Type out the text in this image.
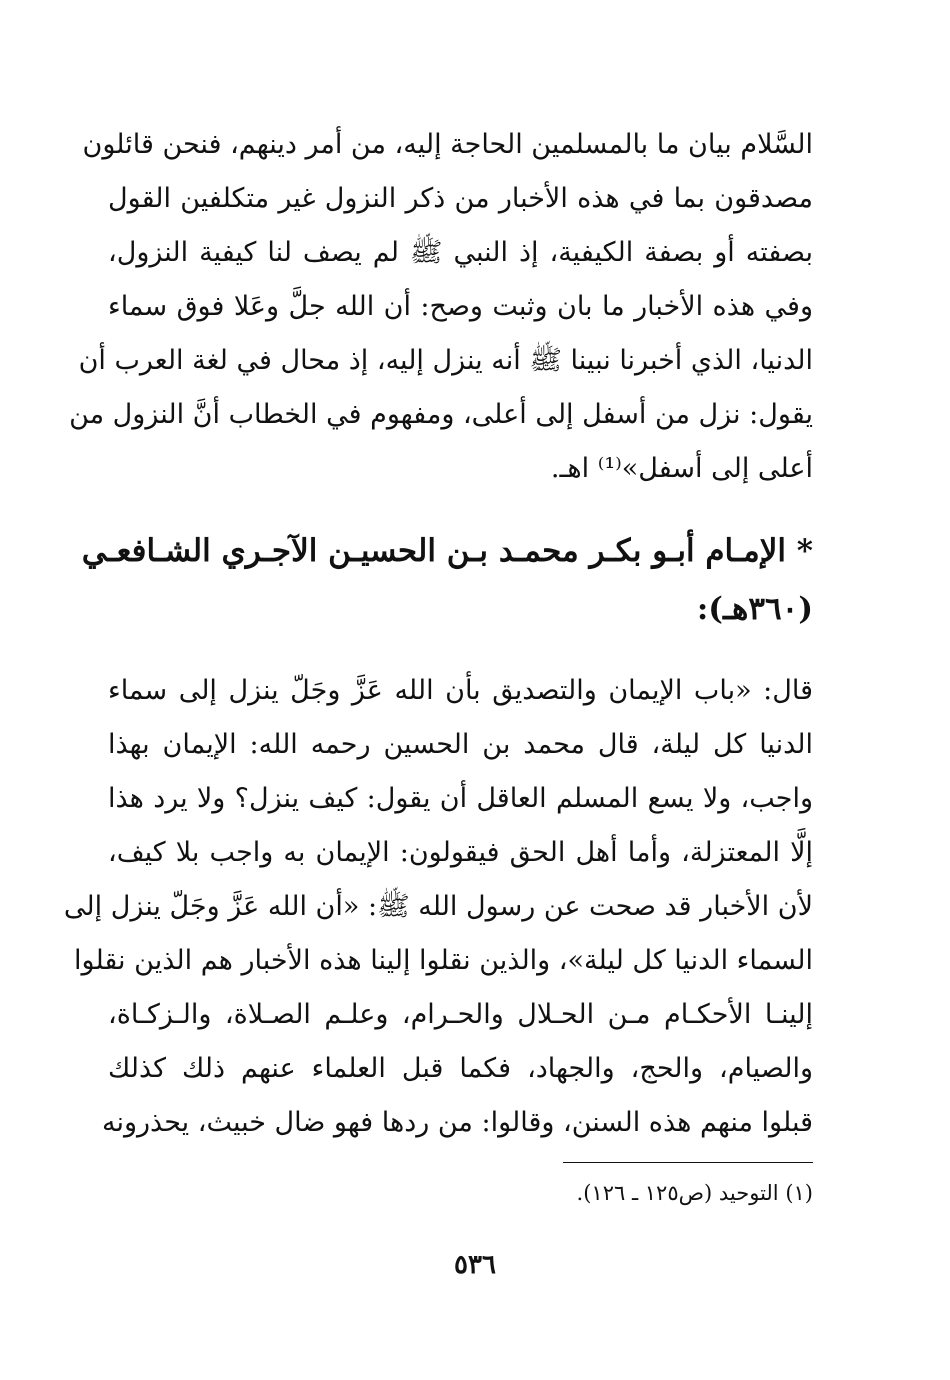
السَّلام بيان ما بالمسلمين الحاجة إليه، من أمر دينهم، فنحن قائلون
مصدقون بما في هذه الأخبار من ذكر النزول غير متكلفين القول
بصفته أو بصفة الكيفية، إذ النبي ﷺ لم يصف لنا كيفية النزول،
وفي هذه الأخبار ما بان وثبت وصح: أن الله جلَّ وعَلا فوق سماء
الدنيا، الذي أخبرنا نبينا ﷺ أنه ينزل إليه، إذ محال في لغة العرب أن
يقول: نزل من أسفل إلى أعلى، ومفهوم في الخطاب أنَّ النزول من
أعلى إلى أسفل»⁽¹⁾ اهـ.
* الإمـام أبـو بكـر محمـد بـن الحسيـن الآجـري الشـافعـي
(٣٦٠هـ):
قال: «باب الإيمان والتصديق بأن الله عَزَّ وجَلّ ينزل إلى سماء
الدنيا كل ليلة، قال محمد بن الحسين رحمه الله: الإيمان بهذا
واجب، ولا يسع المسلم العاقل أن يقول: كيف ينزل؟ ولا يرد هذا
إلَّا المعتزلة، وأما أهل الحق فيقولون: الإيمان به واجب بلا كيف،
لأن الأخبار قد صحت عن رسول الله ﷺ: «أن الله عَزَّ وجَلّ ينزل إلى
السماء الدنيا كل ليلة»، والذين نقلوا إلينا هذه الأخبار هم الذين نقلوا
إلينـا الأحكـام مـن الحـلال والحـرام، وعلـم الصـلاة، والـزكـاة،
والصيام، والحج، والجهاد، فكما قبل العلماء عنهم ذلك كذلك
قبلوا منهم هذه السنن، وقالوا: من ردها فهو ضال خبيث، يحذرونه
(١) التوحيد (ص١٢٥ ـ ١٢٦).
٥٣٦
